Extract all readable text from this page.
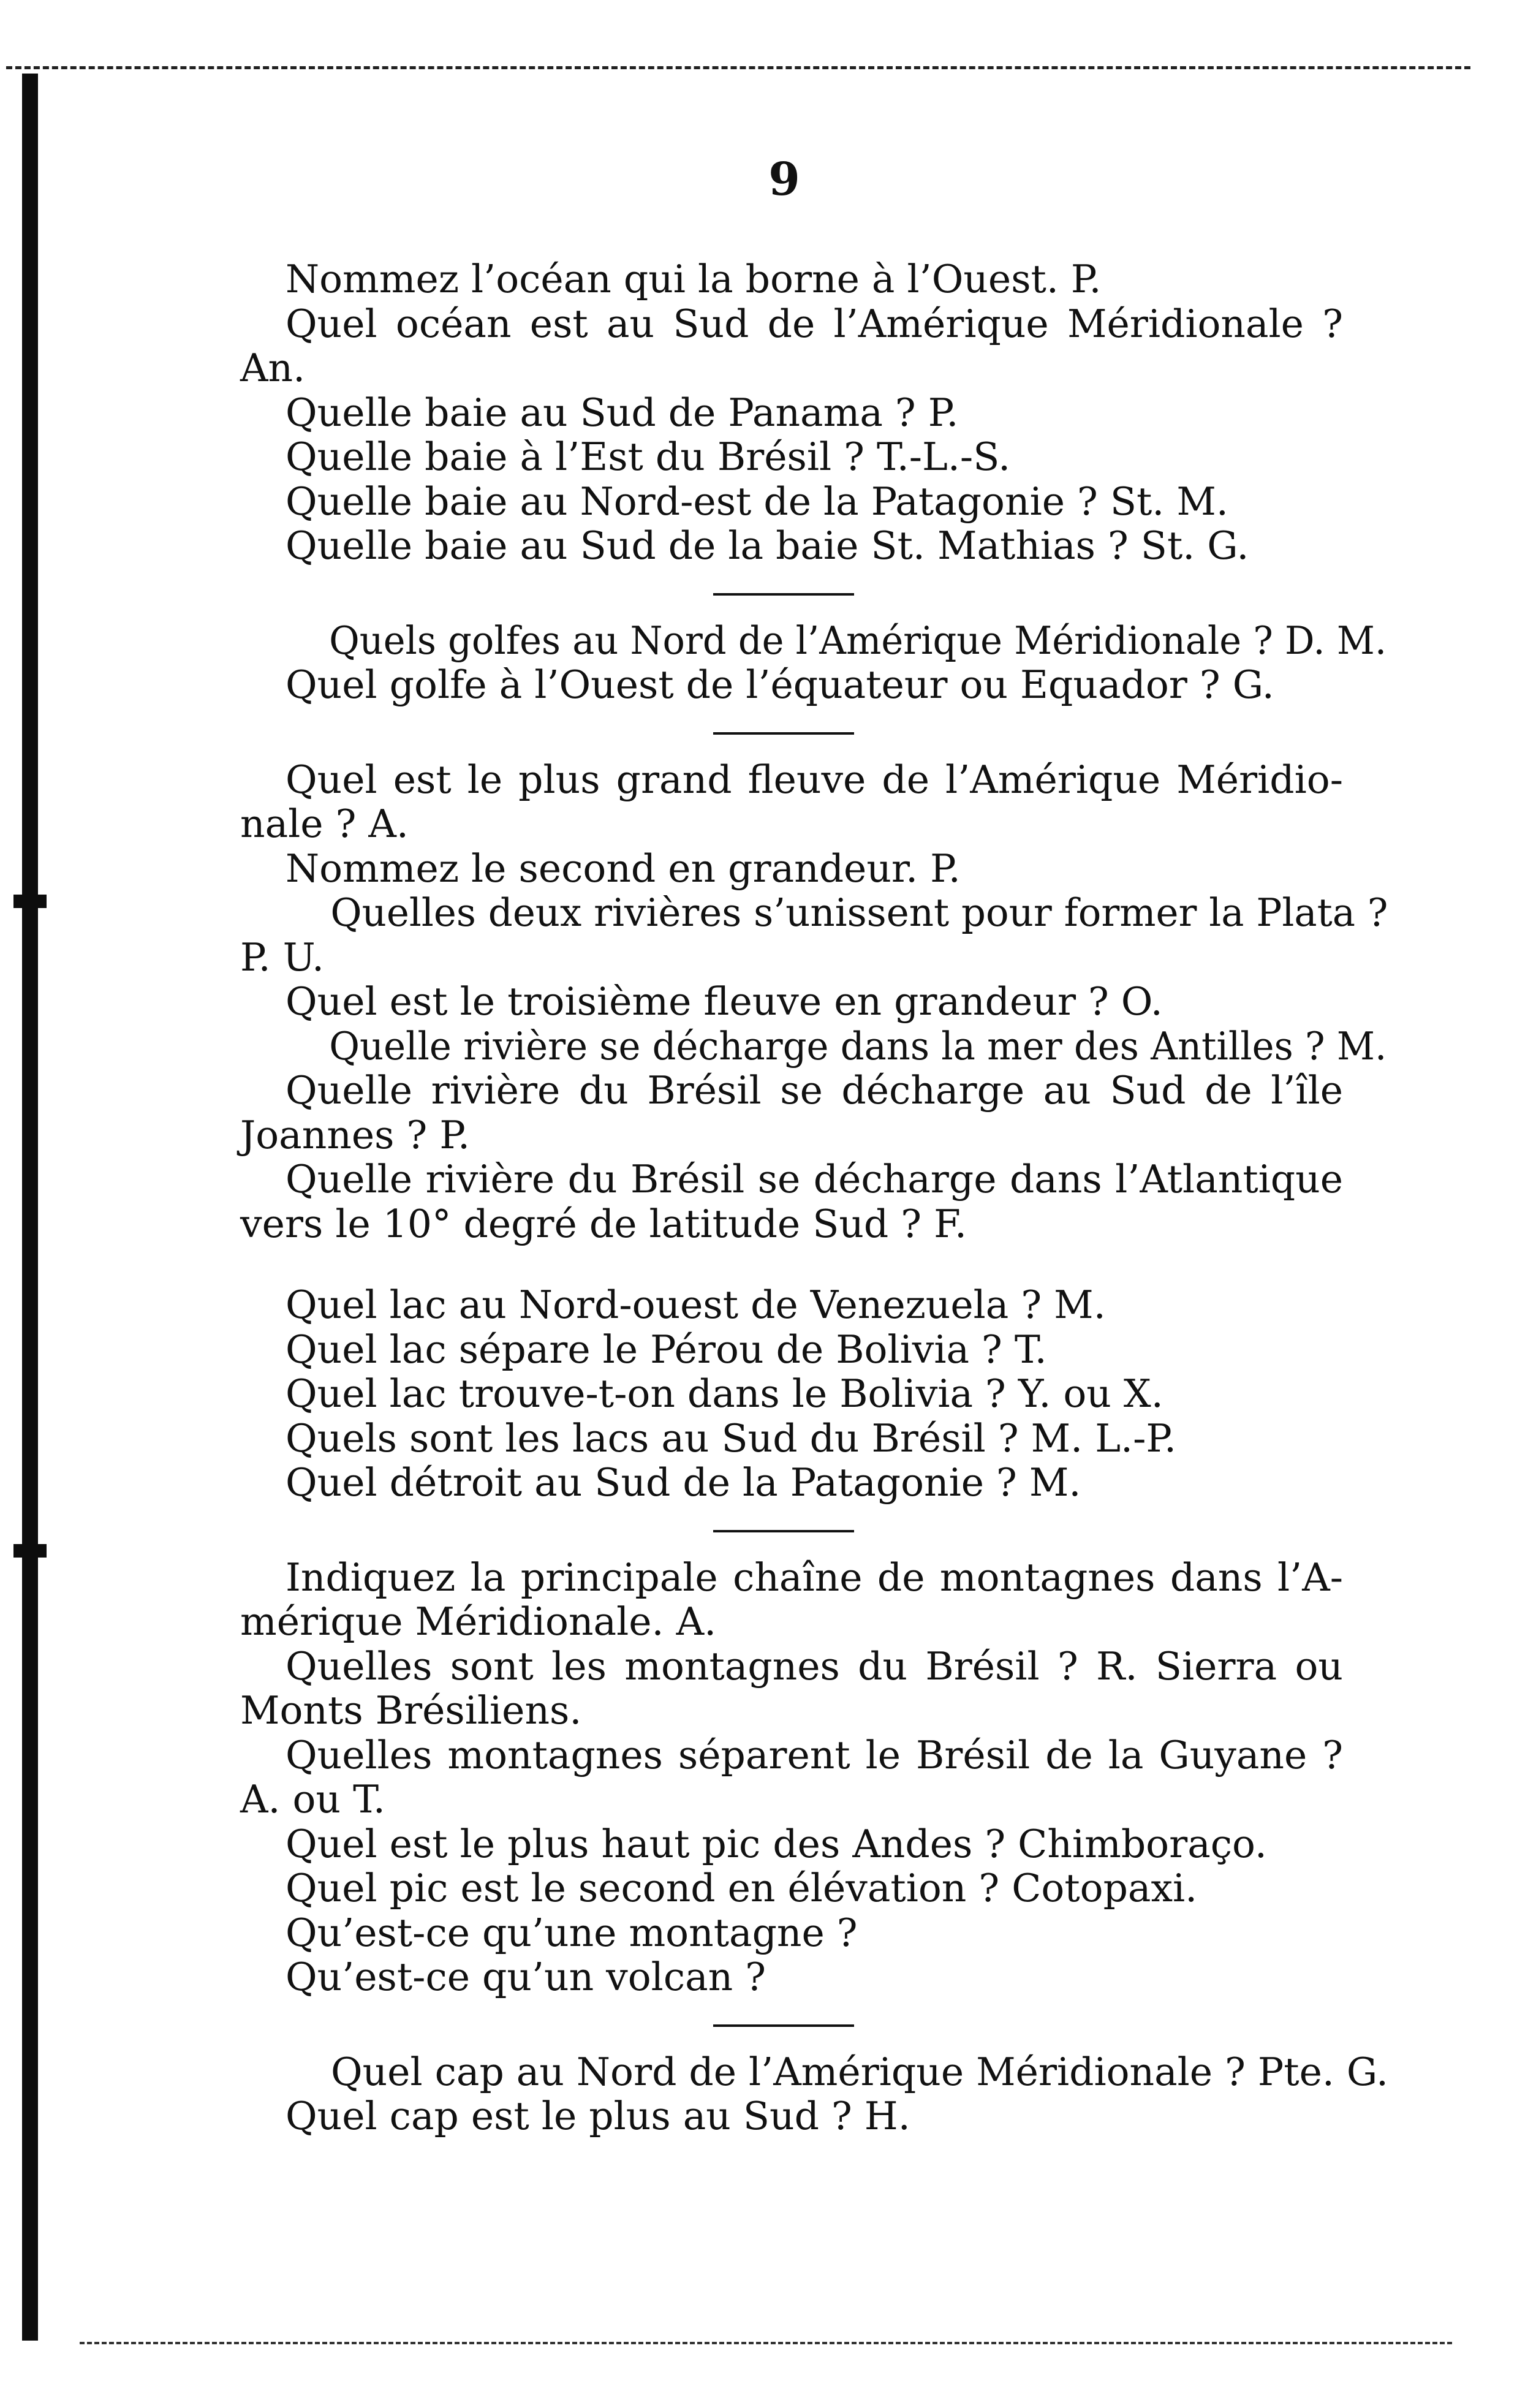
9

Nommez l’océan qui la borne à l’Ouest. P.

Quel océan est au Sud de l’Amérique Méridionale ?

An.

Quelle baie au Sud de Panama ? P.

Quelle baie à l’Est du Brésil ? T.-L.-S.

Quelle baie au Nord-est de la Patagonie ? St. M.

Quelle baie au Sud de la baie St. Mathias ? St. G.

Quels golfes au Nord de l’Amérique Méridionale ? D. M.

Quel golfe à l’Ouest de l’équateur ou Equador ? G.

Quel est le plus grand fleuve de l’Amérique Méridio-

nale ? A.

Nommez le second en grandeur. P.

Quelles deux rivières s’unissent pour former la Plata ?

P. U.

Quel est le troisième fleuve en grandeur ? O.

Quelle rivière se décharge dans la mer des Antilles ? M.

Quelle rivière du Brésil se décharge au Sud de l’île

Joannes ? P.

Quelle rivière du Brésil se décharge dans l’Atlantique

vers le 10° degré de latitude Sud ? F.

Quel lac au Nord-ouest de Venezuela ? M.

Quel lac sépare le Pérou de Bolivia ? T.

Quel lac trouve-t-on dans le Bolivia ? Y. ou X.

Quels sont les lacs au Sud du Brésil ? M. L.-P.

Quel détroit au Sud de la Patagonie ? M.

Indiquez la principale chaîne de montagnes dans l’A-

mérique Méridionale. A.

Quelles sont les montagnes du Brésil ? R. Sierra ou

Monts Brésiliens.

Quelles montagnes séparent le Brésil de la Guyane ?

A. ou T.

Quel est le plus haut pic des Andes ? Chimboraço.

Quel pic est le second en élévation ? Cotopaxi.

Qu’est-ce qu’une montagne ?

Qu’est-ce qu’un volcan ?

Quel cap au Nord de l’Amérique Méridionale ? Pte. G.

Quel cap est le plus au Sud ? H.
